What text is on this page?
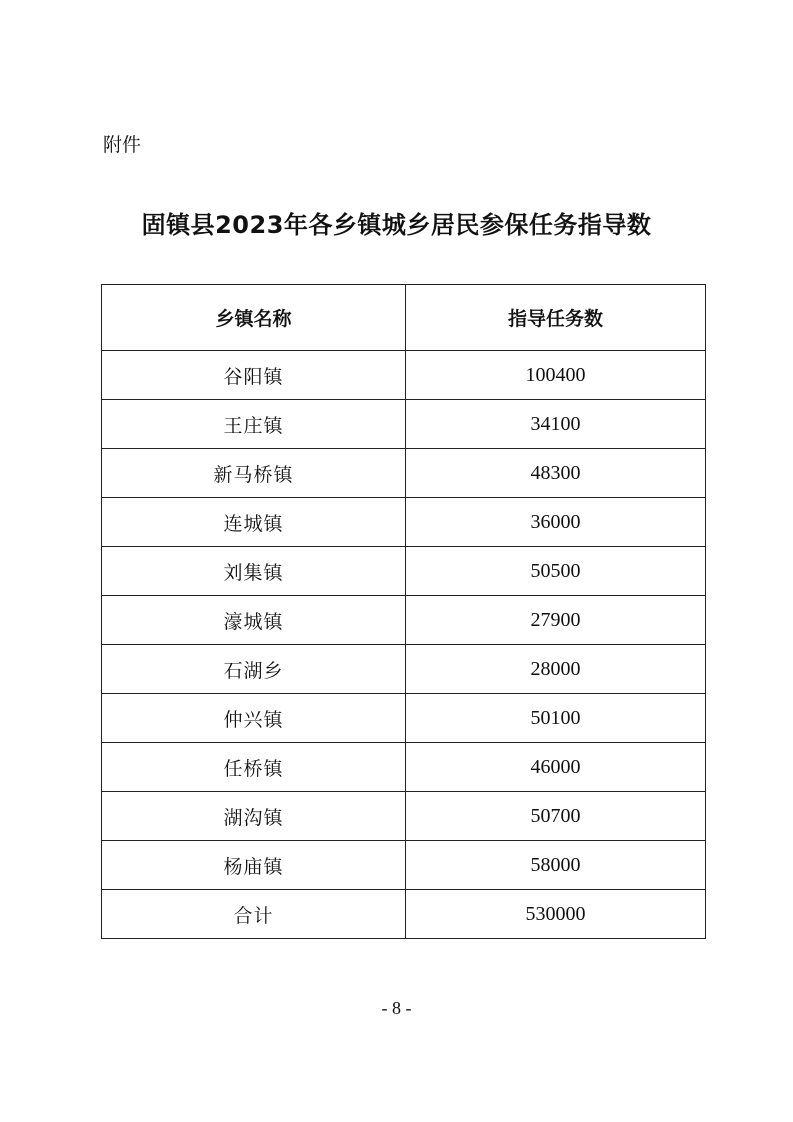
附件
固镇县2023年各乡镇城乡居民参保任务指导数
乡镇名称	指导任务数
谷阳镇	100400
王庄镇	34100
新马桥镇	48300
连城镇	36000
刘集镇	50500
濠城镇	27900
石湖乡	28000
仲兴镇	50100
任桥镇	46000
湖沟镇	50700
杨庙镇	58000
合计	530000
- 8 -
